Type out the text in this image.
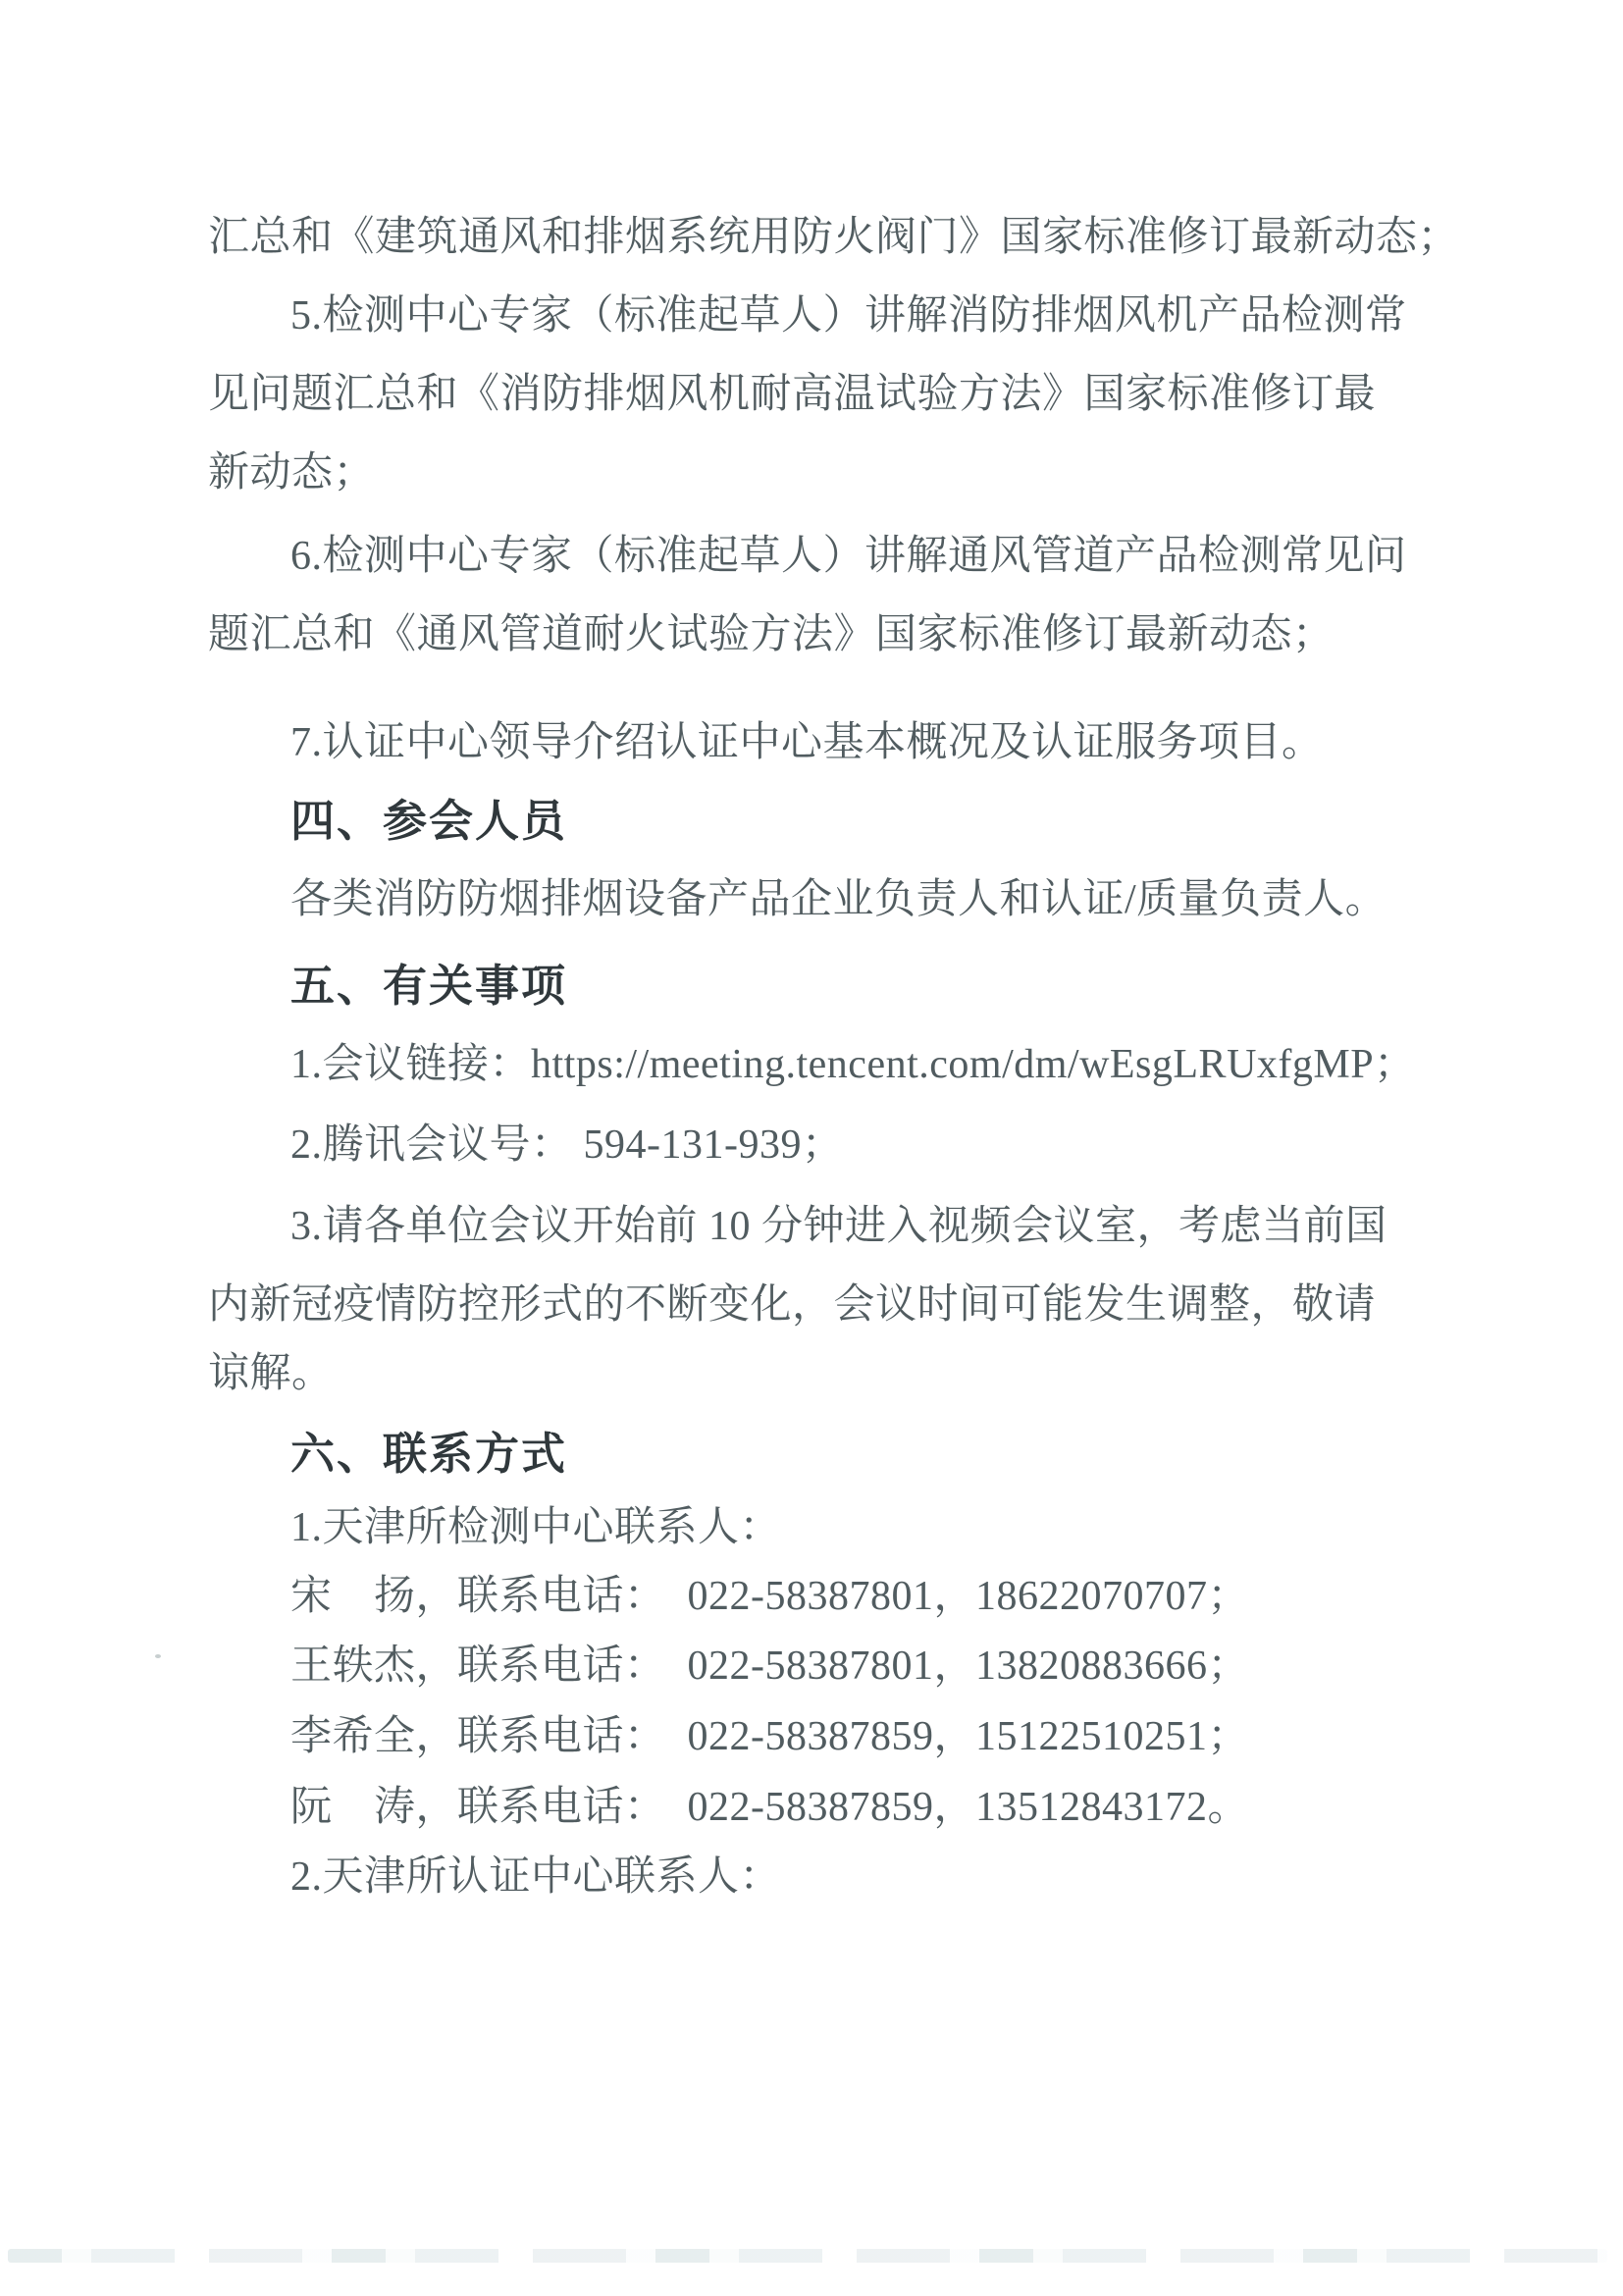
汇总和《建筑通风和排烟系统用防火阀门》国家标准修订最新动态；

5.检测中心专家（标准起草人）讲解消防排烟风机产品检测常

见问题汇总和《消防排烟风机耐高温试验方法》国家标准修订最

新动态；

6.检测中心专家（标准起草人）讲解通风管道产品检测常见问

题汇总和《通风管道耐火试验方法》国家标准修订最新动态；

7.认证中心领导介绍认证中心基本概况及认证服务项目。

四、参会人员

各类消防防烟排烟设备产品企业负责人和认证/质量负责人。

五、有关事项

1.会议链接：https://meeting.tencent.com/dm/wEsgLRUxfgMP；

2.腾讯会议号： 594-131-939；

3.请各单位会议开始前 10 分钟进入视频会议室，考虑当前国

内新冠疫情防控形式的不断变化，会议时间可能发生调整，敬请

谅解。

六、联系方式

1.天津所检测中心联系人：

宋　扬，联系电话：  022-58387801，18622070707；

王轶杰，联系电话：  022-58387801，13820883666；

李希全，联系电话：  022-58387859，15122510251；

阮　涛，联系电话：  022-58387859，13512843172。

2.天津所认证中心联系人：
